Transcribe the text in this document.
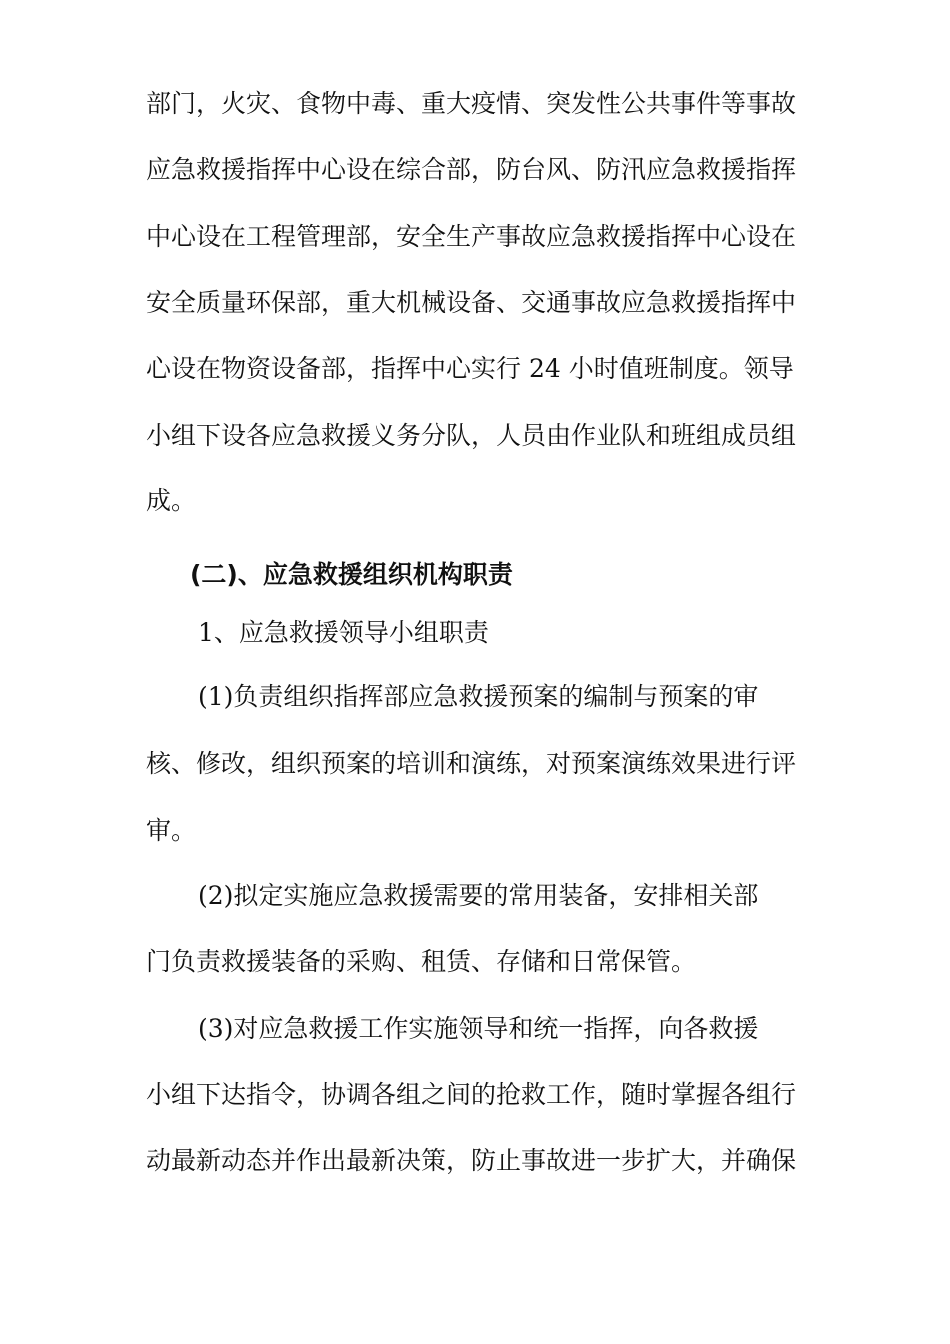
部门，火灾、食物中毒、重大疫情、突发性公共事件等事故
应急救援指挥中心设在综合部，防台风、防汛应急救援指挥
中心设在工程管理部，安全生产事故应急救援指挥中心设在
安全质量环保部，重大机械设备、交通事故应急救援指挥中
心设在物资设备部，指挥中心实行 24 小时值班制度。领导
小组下设各应急救援义务分队，人员由作业队和班组成员组
成。
(二)、应急救援组织机构职责
1、应急救援领导小组职责
(1)负责组织指挥部应急救援预案的编制与预案的审
核、修改，组织预案的培训和演练，对预案演练效果进行评
审。
(2)拟定实施应急救援需要的常用装备，安排相关部
门负责救援装备的采购、租赁、存储和日常保管。
(3)对应急救援工作实施领导和统一指挥，向各救援
小组下达指令，协调各组之间的抢救工作，随时掌握各组行
动最新动态并作出最新决策，防止事故进一步扩大，并确保
